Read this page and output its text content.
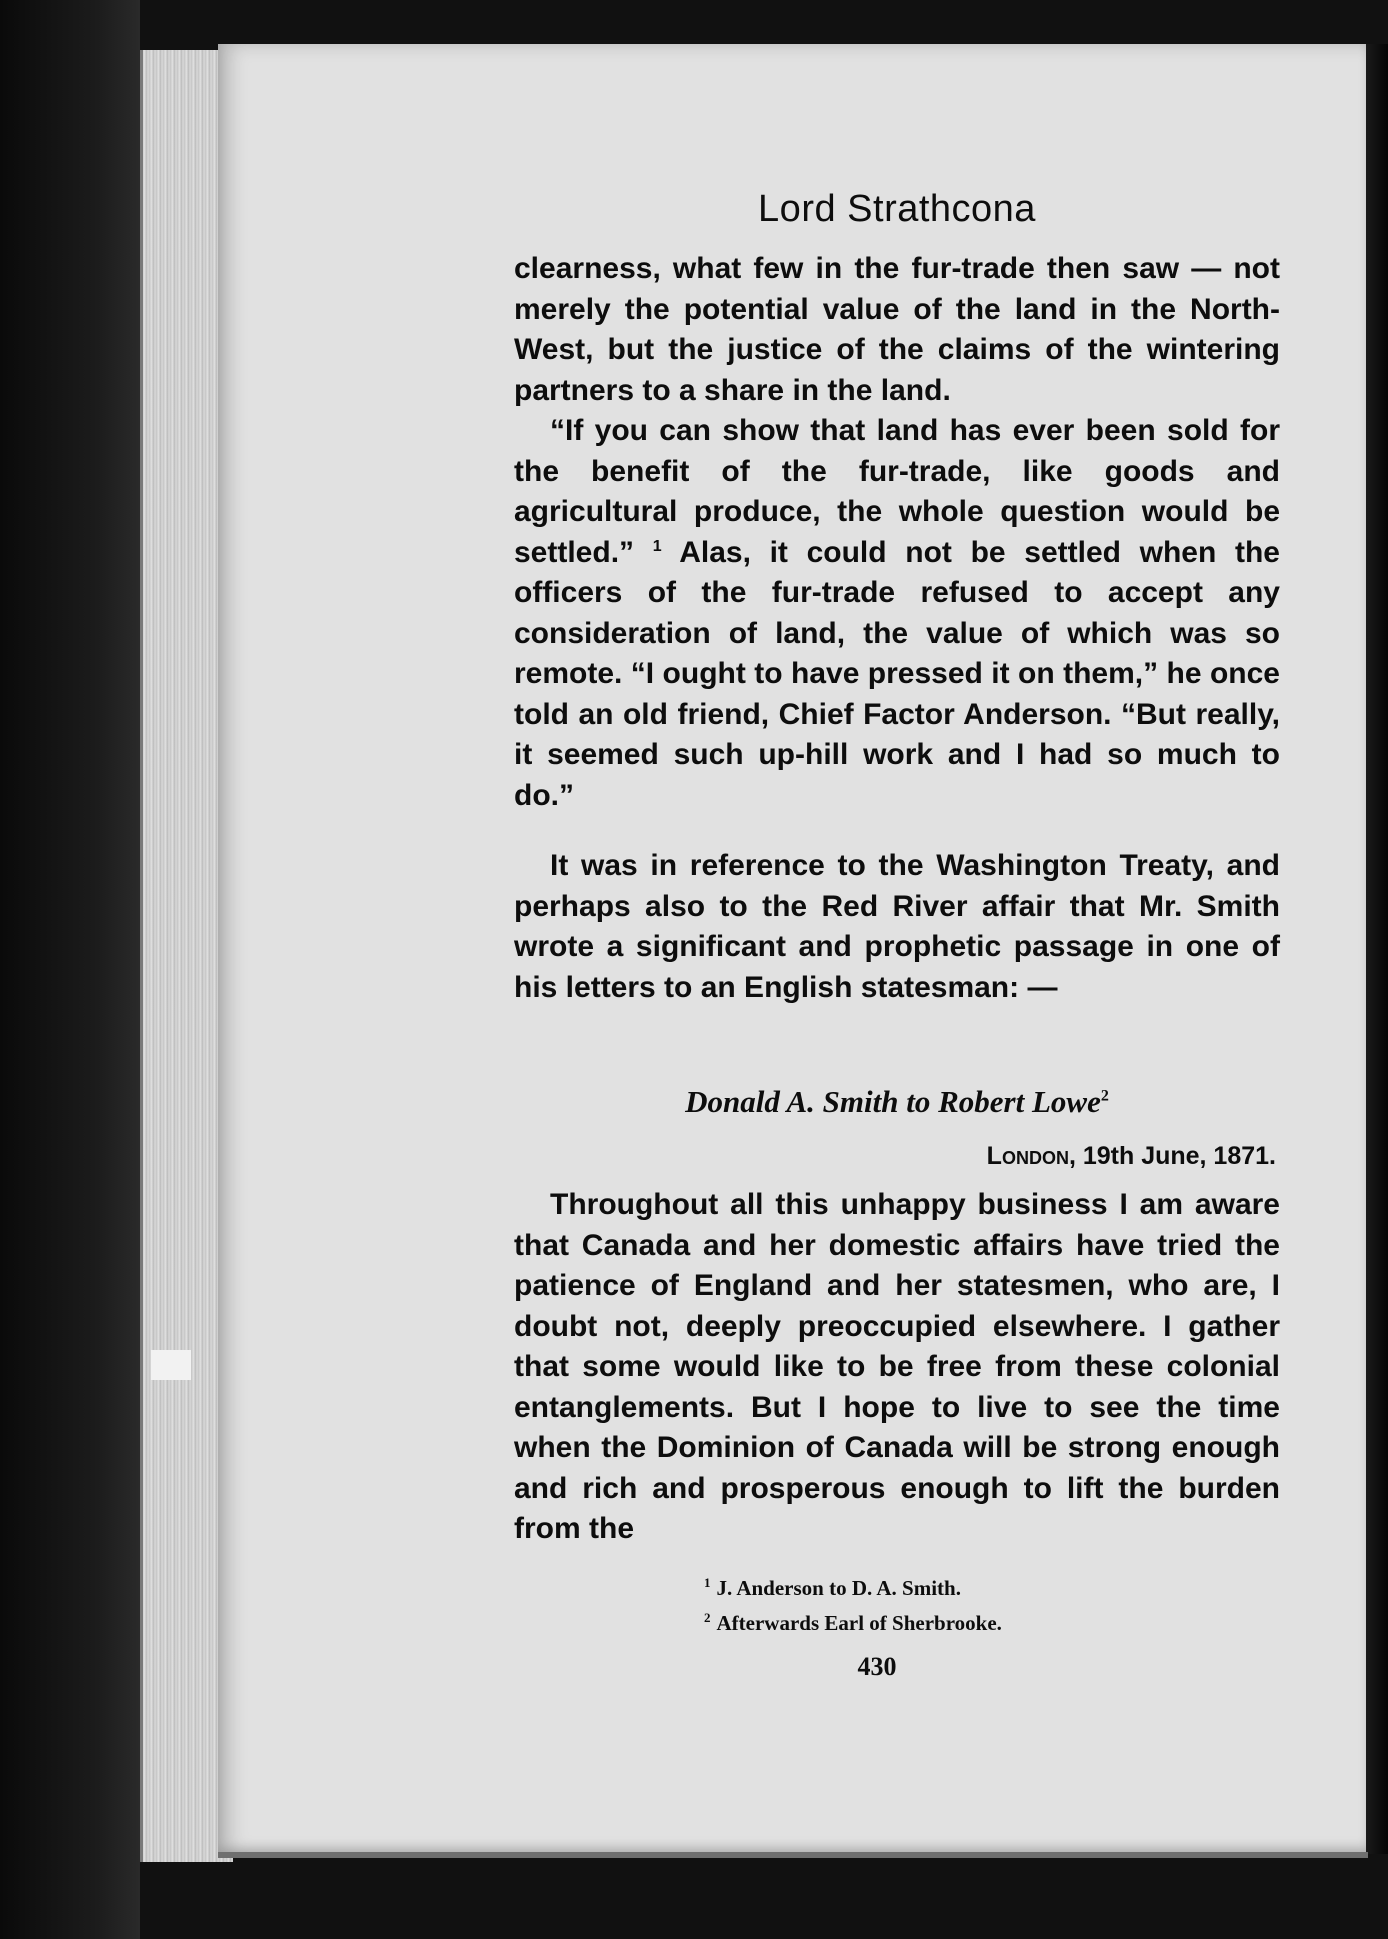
Lord Strathcona

clearness, what few in the fur-trade then saw — not merely the potential value of the land in the North-West, but the justice of the claims of the wintering partners to a share in the land.

“If you can show that land has ever been sold for the benefit of the fur-trade, like goods and agricultural produce, the whole question would be settled.” $^1$ Alas, it could not be settled when the officers of the fur-trade refused to accept any consideration of land, the value of which was so remote. “I ought to have pressed it on them,” he once told an old friend, Chief Factor Anderson. “But really, it seemed such up-hill work and I had so much to do.”

It was in reference to the Washington Treaty, and perhaps also to the Red River affair that Mr. Smith wrote a significant and prophetic passage in one of his letters to an English statesman: —

Donald A. Smith to Robert Lowe$^2$
London, 19th June, 1871.

Throughout all this unhappy business I am aware that Canada and her domestic affairs have tried the patience of England and her statesmen, who are, I doubt not, deeply preoccupied elsewhere. I gather that some would like to be free from these colonial entanglements. But I hope to live to see the time when the Dominion of Canada will be strong enough and rich and prosperous enough to lift the burden from the

$^1$ J. Anderson to D. A. Smith.
$^2$ Afterwards Earl of Sherbrooke.
430
